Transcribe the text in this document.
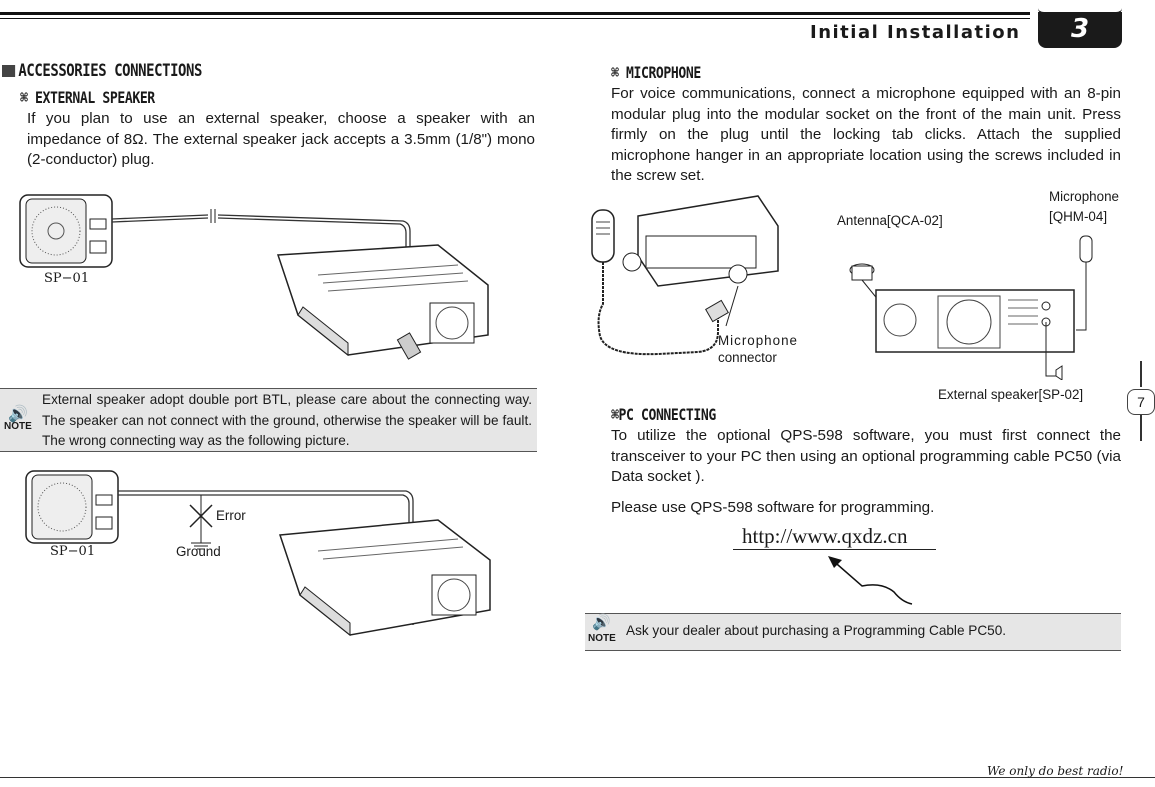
Initial Installation	3
ACCESSORIES CONNECTIONS
⌘ EXTERNAL SPEAKER
If you plan to use an external speaker, choose a speaker with an impedance of 8Ω. The external speaker jack accepts a 3.5mm (1/8") mono (2-conductor) plug.
SP−01
🔊
NOTE
External speaker adopt double port BTL, please care about the connecting way. The speaker can not connect with the ground, otherwise the speaker will be fault. The wrong connecting way as the following picture.
SP−01
Error
Ground
⌘ MICROPHONE
For voice communications, connect a microphone equipped with an 8-pin modular plug into the modular socket on the front of the main unit. Press firmly on the plug until the locking tab clicks. Attach the supplied microphone hanger in an appropriate location using the screws included in the screw set.
Microphone
connector
Antenna[QCA-02]
Microphone
[QHM-04]
External speaker[SP-02]
⌘PC CONNECTING
To utilize the optional QPS-598 software, you must first connect the transceiver to your PC then using an optional programming cable PC50 (via Data socket ).
Please use QPS-598 software for programming.
http://www.qxdz.cn
🔊
NOTE
Ask your dealer about purchasing a Programming Cable PC50.
7
We only do best radio!
